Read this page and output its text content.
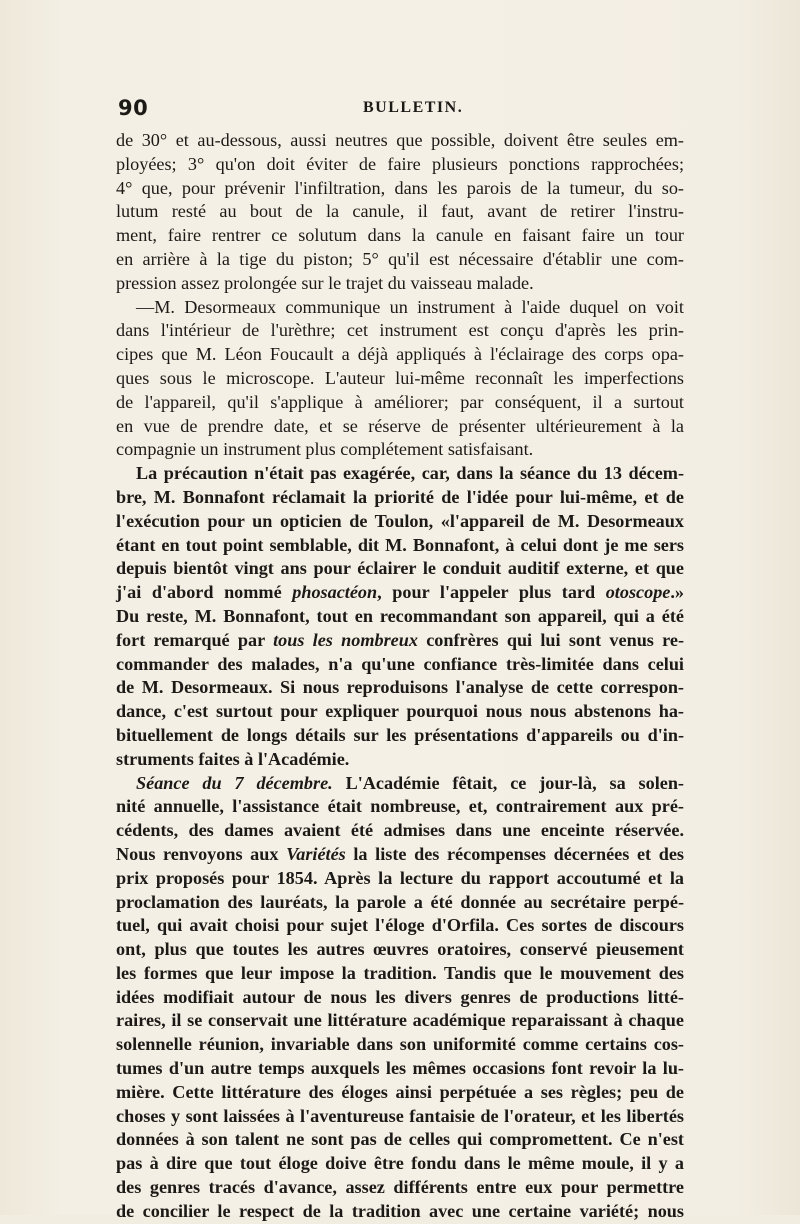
90	BULLETIN.
de 30° et au-dessous, aussi neutres que possible, doivent être seules em-
ployées; 3° qu'on doit éviter de faire plusieurs ponctions rapprochées;
4° que, pour prévenir l'infiltration, dans les parois de la tumeur, du so-
lutum resté au bout de la canule, il faut, avant de retirer l'instru-
ment, faire rentrer ce solutum dans la canule en faisant faire un tour
en arrière à la tige du piston; 5° qu'il est nécessaire d'établir une com-
pression assez prolongée sur le trajet du vaisseau malade.
—M. Desormeaux communique un instrument à l'aide duquel on voit
dans l'intérieur de l'urèthre; cet instrument est conçu d'après les prin-
cipes que M. Léon Foucault a déjà appliqués à l'éclairage des corps opa-
ques sous le microscope. L'auteur lui-même reconnaît les imperfections
de l'appareil, qu'il s'applique à améliorer; par conséquent, il a surtout
en vue de prendre date, et se réserve de présenter ultérieurement à la
compagnie un instrument plus complétement satisfaisant.
La précaution n'était pas exagérée, car, dans la séance du 13 décem-
bre, M. Bonnafont réclamait la priorité de l'idée pour lui-même, et de
l'exécution pour un opticien de Toulon, «l'appareil de M. Desormeaux
étant en tout point semblable, dit M. Bonnafont, à celui dont je me sers
depuis bientôt vingt ans pour éclairer le conduit auditif externe, et que
j'ai d'abord nommé phosactéon, pour l'appeler plus tard otoscope.»
Du reste, M. Bonnafont, tout en recommandant son appareil, qui a été
fort remarqué par tous les nombreux confrères qui lui sont venus re-
commander des malades, n'a qu'une confiance très-limitée dans celui
de M. Desormeaux. Si nous reproduisons l'analyse de cette correspon-
dance, c'est surtout pour expliquer pourquoi nous nous abstenons ha-
bituellement de longs détails sur les présentations d'appareils ou d'in-
struments faites à l'Académie.
Séance du 7 décembre. L'Académie fêtait, ce jour-là, sa solen-
nité annuelle, l'assistance était nombreuse, et, contrairement aux pré-
cédents, des dames avaient été admises dans une enceinte réservée.
Nous renvoyons aux Variétés la liste des récompenses décernées et des
prix proposés pour 1854. Après la lecture du rapport accoutumé et la
proclamation des lauréats, la parole a été donnée au secrétaire perpé-
tuel, qui avait choisi pour sujet l'éloge d'Orfila. Ces sortes de discours
ont, plus que toutes les autres œuvres oratoires, conservé pieusement
les formes que leur impose la tradition. Tandis que le mouvement des
idées modifiait autour de nous les divers genres de productions litté-
raires, il se conservait une littérature académique reparaissant à chaque
solennelle réunion, invariable dans son uniformité comme certains cos-
tumes d'un autre temps auxquels les mêmes occasions font revoir la lu-
mière. Cette littérature des éloges ainsi perpétuée a ses règles; peu de
choses y sont laissées à l'aventureuse fantaisie de l'orateur, et les libertés
données à son talent ne sont pas de celles qui compromettent. Ce n'est
pas à dire que tout éloge doive être fondu dans le même moule, il y a
des genres tracés d'avance, assez différents entre eux pour permettre
de concilier le respect de la tradition avec une certaine variété; nous
